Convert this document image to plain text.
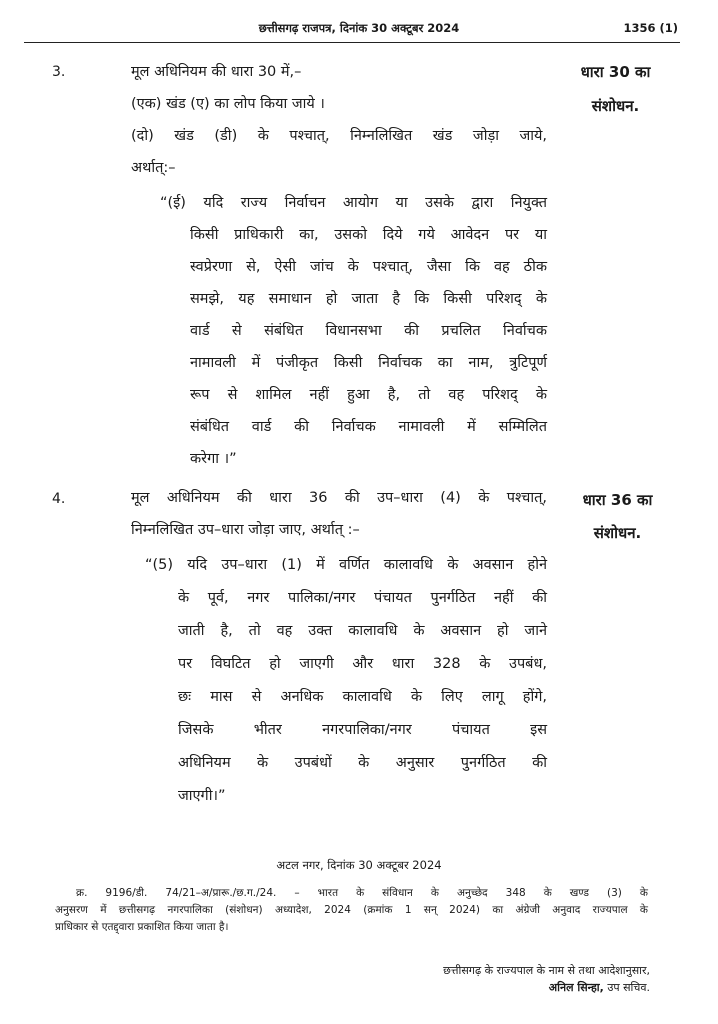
छत्तीसगढ़ राजपत्र, दिनांक 30 अक्टूबर 2024	1356 (1)
3.	धारा 30 का
संशोधन.
मूल अधिनियम की धारा 30 में,–
(एक) खंड (ए) का लोप किया जाये ।
(दो) खंड (डी) के पश्चात्, निम्नलिखित खंड जोड़ा जाये,
अर्थात्:–
“(ई) यदि राज्य निर्वाचन आयोग या उसके द्वारा नियुक्त
किसी प्राधिकारी का, उसको दिये गये आवेदन पर या
स्वप्रेरणा से, ऐसी जांच के पश्चात्, जैसा कि वह ठीक
समझे, यह समाधान हो जाता है कि किसी परिशद् के
वार्ड से संबंधित विधानसभा की प्रचलित निर्वाचक
नामावली में पंजीकृत किसी निर्वाचक का नाम, त्रुटिपूर्ण
रूप से शामिल नहीं हुआ है, तो वह परिशद् के
संबंधित वार्ड की निर्वाचक नामावली में सम्मिलित
करेगा ।”
4.	धारा 36 का
संशोधन.
मूल अधिनियम की धारा 36 की उप–धारा (4) के पश्चात्,
निम्नलिखित उप–धारा जोड़ा जाए, अर्थात् :–
“(5) यदि उप–धारा (1) में वर्णित कालावधि के अवसान होने
के पूर्व, नगर पालिका/नगर पंचायत पुनर्गठित नहीं की
जाती है, तो वह उक्त कालावधि के अवसान हो जाने
पर विघटित हो जाएगी और धारा 328 के उपबंध,
छः मास से अनधिक कालावधि के लिए लागू होंगे,
जिसके भीतर नगरपालिका/नगर पंचायत इस
अधिनियम के उपबंधों के अनुसार पुनर्गठित की
जाएगी।”
अटल नगर, दिनांक 30 अक्टूबर 2024
क्र. 9196/डी. 74/21–अ/प्रारू./छ.ग./24. – भारत के संविधान के अनुच्छेद 348 के खण्ड (3) के
अनुसरण में छत्तीसगढ़ नगरपालिका (संशोधन) अध्यादेश, 2024 (क्रमांक 1 सन् 2024) का अंग्रेजी अनुवाद राज्यपाल के
प्राधिकार से एतद्द्वारा प्रकाशित किया जाता है।
छत्तीसगढ़ के राज्यपाल के नाम से तथा आदेशानुसार,
अनिल सिन्हा, उप सचिव.
